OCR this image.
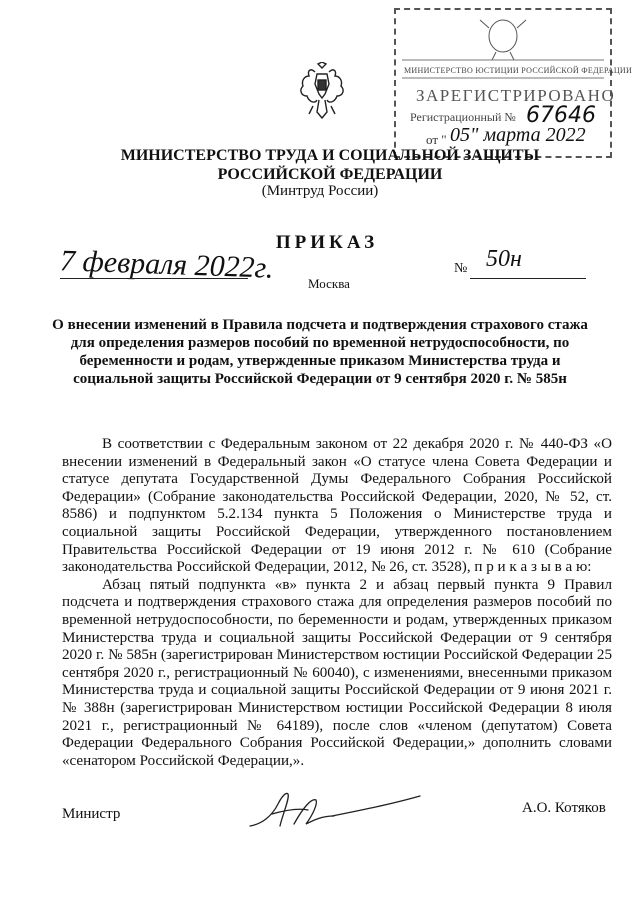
МИНИСТЕРСТВО ЮСТИЦИИ РОССИЙСКОЙ ФЕДЕРАЦИИ
ЗАРЕГИСТРИРОВАНО
Регистрационный № 67646
от " 05" марта 2022
МИНИСТЕРСТВО ТРУДА И СОЦИАЛЬНОЙ ЗАЩИТЫ
РОССИЙСКОЙ ФЕДЕРАЦИИ
(Минтруд России)
ПРИКАЗ
7 февраля 2022г.	Москва
№ 50н
О внесении изменений в Правила подсчета и подтверждения страхового стажа для определения размеров пособий по временной нетрудоспособности, по беременности и родам, утвержденные приказом Министерства труда и социальной защиты Российской Федерации от 9 сентября 2020 г. № 585н

В соответствии с Федеральным законом от 22 декабря 2020 г. № 440-ФЗ «О внесении изменений в Федеральный закон «О статусе члена Совета Федерации и статусе депутата Государственной Думы Федерального Собрания Российской Федерации» (Собрание законодательства Российской Федерации, 2020, № 52, ст. 8586) и подпунктом 5.2.134 пункта 5 Положения о Министерстве труда и социальной защиты Российской Федерации, утвержденного постановлением Правительства Российской Федерации от 19 июня 2012 г. № 610 (Собрание законодательства Российской Федерации, 2012, № 26, ст. 3528), п р и к а з ы в а ю:

Абзац пятый подпункта «в» пункта 2 и абзац первый пункта 9 Правил подсчета и подтверждения страхового стажа для определения размеров пособий по временной нетрудоспособности, по беременности и родам, утвержденных приказом Министерства труда и социальной защиты Российской Федерации от 9 сентября 2020 г. № 585н (зарегистрирован Министерством юстиции Российской Федерации 25 сентября 2020 г., регистрационный № 60040), с изменениями, внесенными приказом Министерства труда и социальной защиты Российской Федерации от 9 июня 2021 г. № 388н (зарегистрирован Министерством юстиции Российской Федерации 8 июля 2021 г., регистрационный № 64189), после слов «членом (депутатом) Совета Федерации Федерального Собрания Российской Федерации,» дополнить словами «сенатором Российской Федерации,».

Министр	А.О. Котяков
